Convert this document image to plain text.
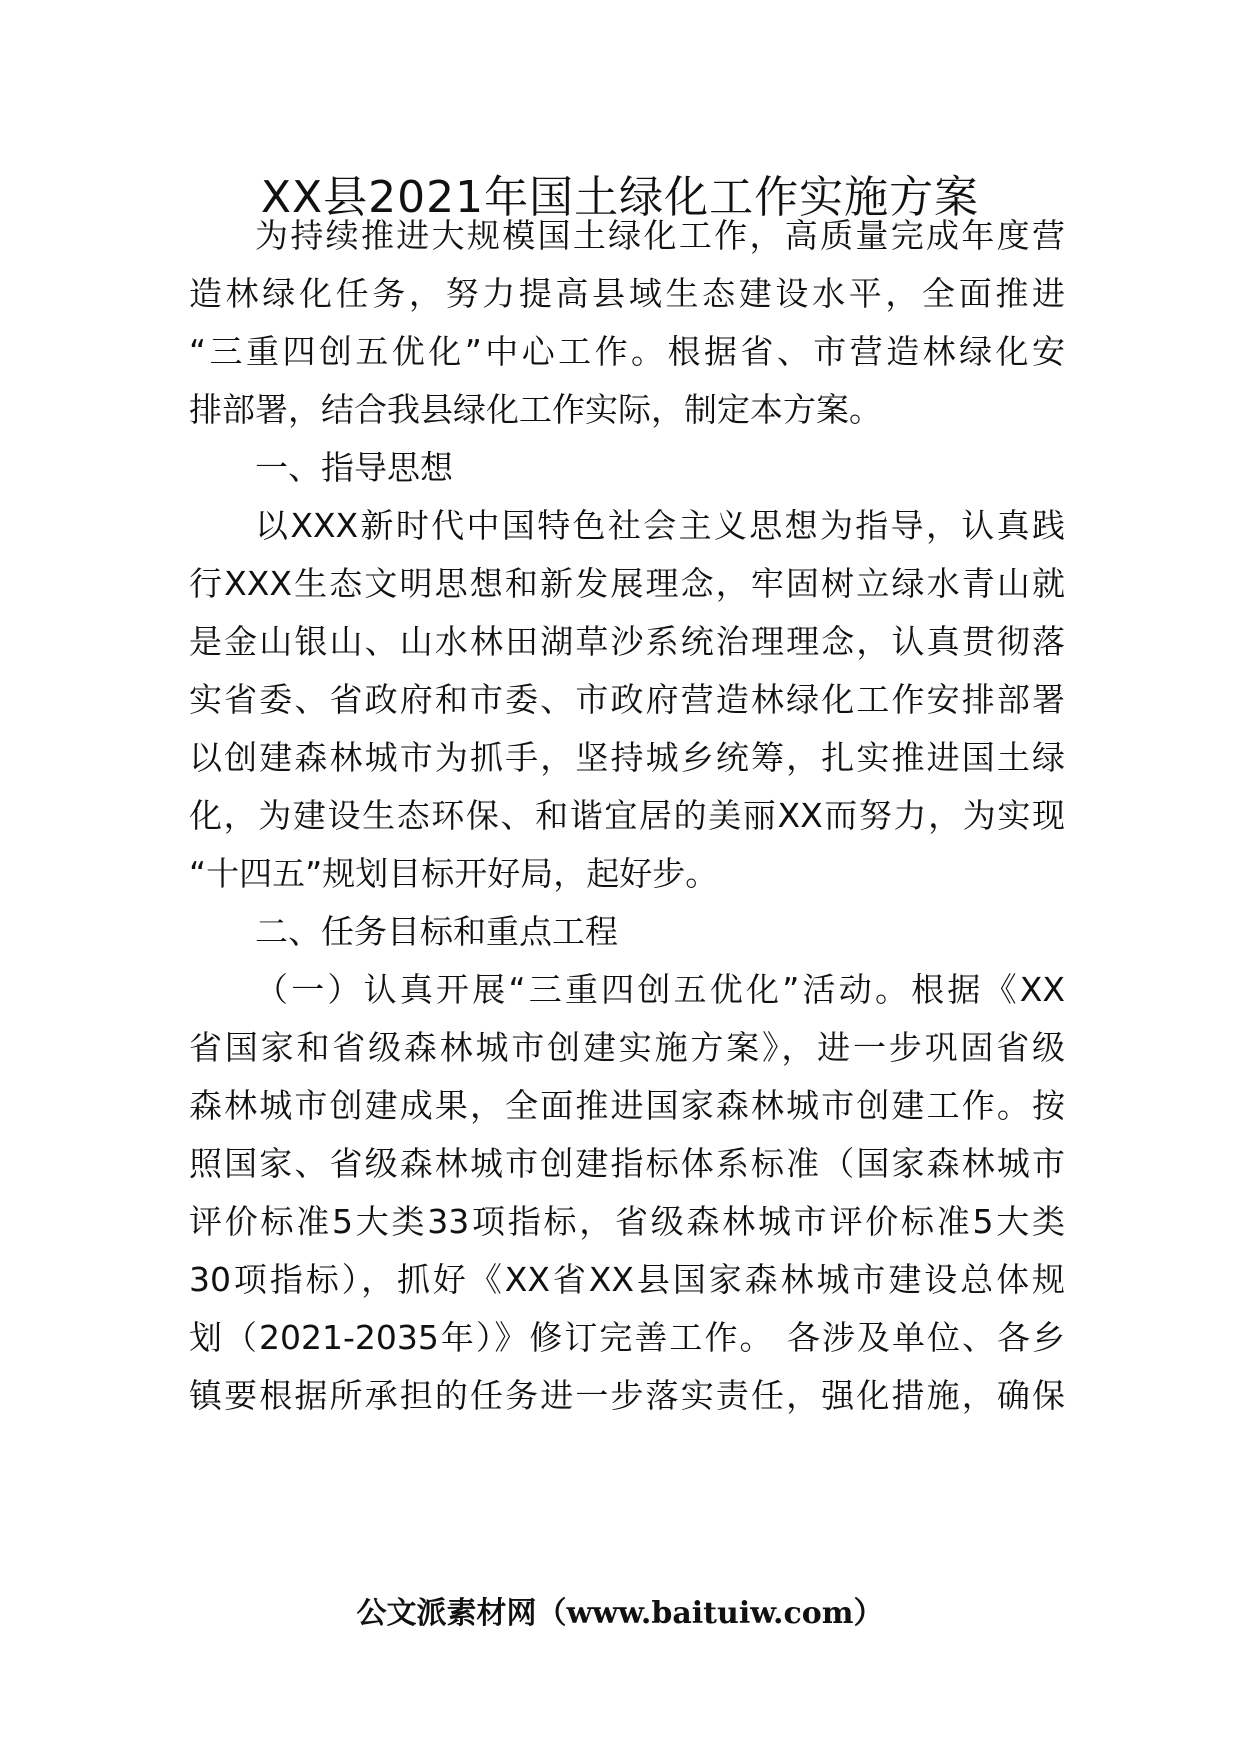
XX县2021年国土绿化工作实施方案
为持续推进大规模国土绿化工作，高质量完成年度营
造林绿化任务，努力提高县域生态建设水平，全面推进
“三重四创五优化”中心工作。根据省、市营造林绿化安
排部署，结合我县绿化工作实际，制定本方案。
一、指导思想
以XXX新时代中国特色社会主义思想为指导，认真践
行XXX生态文明思想和新发展理念，牢固树立绿水青山就
是金山银山、山水林田湖草沙系统治理理念，认真贯彻落
实省委、省政府和市委、市政府营造林绿化工作安排部署
以创建森林城市为抓手，坚持城乡统筹，扎实推进国土绿
化，为建设生态环保、和谐宜居的美丽XX而努力，为实现
“十四五”规划目标开好局，起好步。
二、任务目标和重点工程
（一）认真开展“三重四创五优化”活动。根据《XX
省国家和省级森林城市创建实施方案》，进一步巩固省级
森林城市创建成果，全面推进国家森林城市创建工作。按
照国家、省级森林城市创建指标体系标准（国家森林城市
评价标准5大类33项指标，省级森林城市评价标准5大类
30项指标），抓好《XX省XX县国家森林城市建设总体规
划（2021-2035年）》修订完善工作。 各涉及单位、各乡
镇要根据所承担的任务进一步落实责任，强化措施，确保
公文派素材网（www.baituiw.com）
